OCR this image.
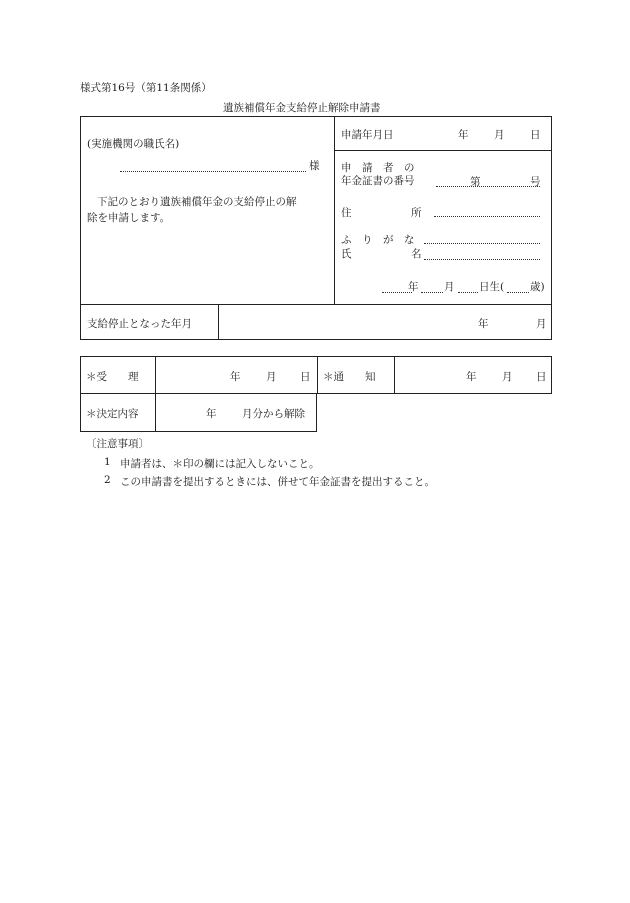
様式第16号（第11条関係）
遺族補償年金支給停止解除申請書
(実施機関の職氏名)
様
下記のとおり遺族補償年金の支給停止の解
除を申請します。
申請年月日	年 月 日
申　請　者　の
年金証書の番号	第	号
住	所
ふ　り　が　な
氏	名
年 月 日生( 歳)
支給停止となった年月	年	月
＊受　　理	年 月 日 ＊通　　知	年 月 日
＊決定内容	年 月分から解除
〔注意事項〕
1 申請者は、＊印の欄には記入しないこと。
2 この申請書を提出するときには、併せて年金証書を提出すること。
